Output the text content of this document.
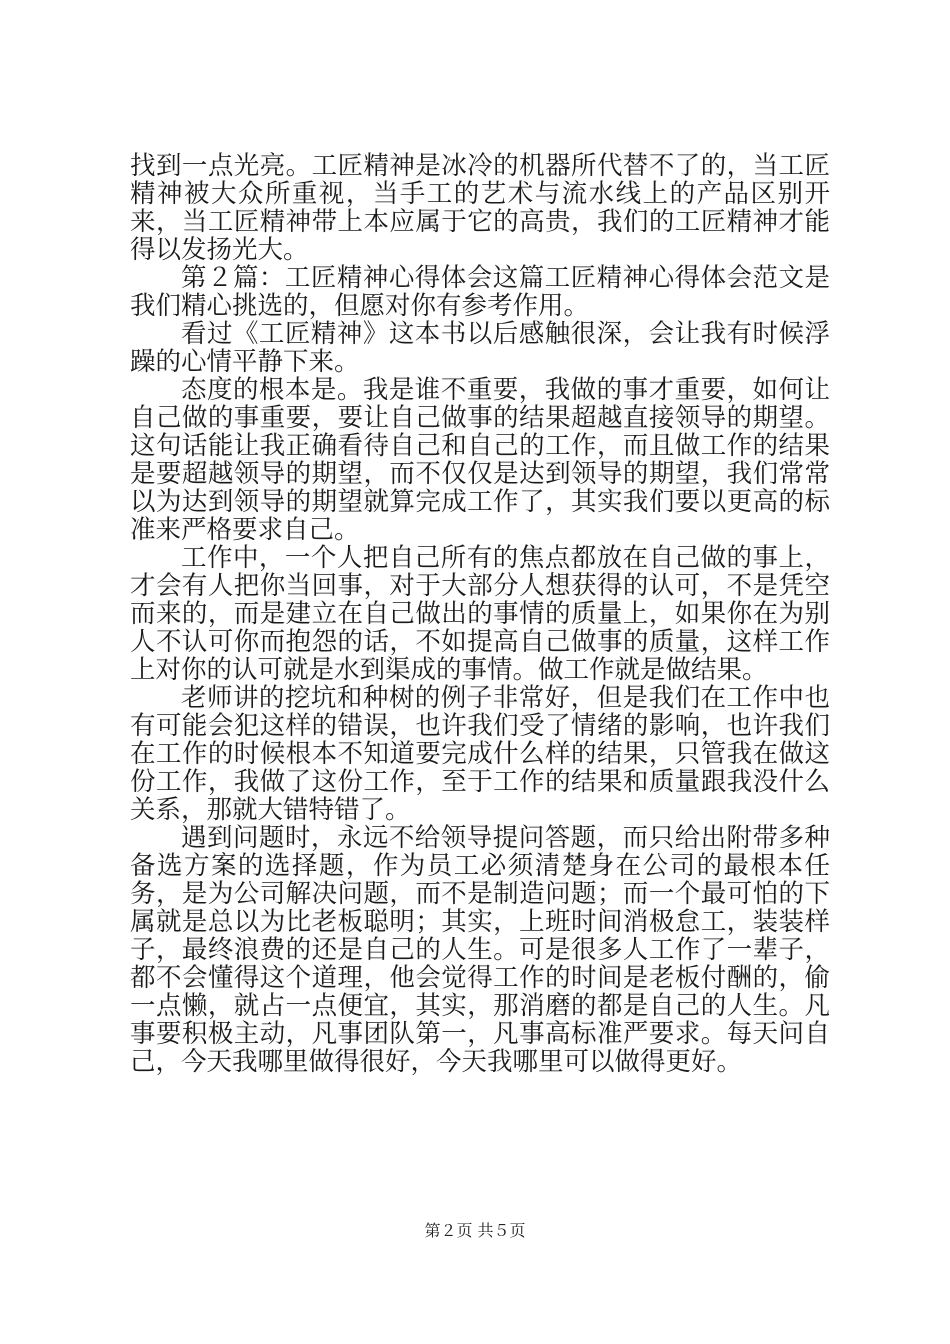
找到一点光亮。工匠精神是冰冷的机器所代替不了的，当工匠精神被大众所重视，当手工的艺术与流水线上的产品区别开来，当工匠精神带上本应属于它的高贵，我们的工匠精神才能得以发扬光大。

第２篇：工匠精神心得体会这篇工匠精神心得体会范文是我们精心挑选的，但愿对你有参考作用。

看过《工匠精神》这本书以后感触很深，会让我有时候浮躁的心情平静下来。

态度的根本是。我是谁不重要，我做的事才重要，如何让自己做的事重要，要让自己做事的结果超越直接领导的期望。这句话能让我正确看待自己和自己的工作，而且做工作的结果是要超越领导的期望，而不仅仅是达到领导的期望，我们常常以为达到领导的期望就算完成工作了，其实我们要以更高的标准来严格要求自己。

工作中，一个人把自己所有的焦点都放在自己做的事上，才会有人把你当回事，对于大部分人想获得的认可，不是凭空而来的，而是建立在自己做出的事情的质量上，如果你在为别人不认可你而抱怨的话，不如提高自己做事的质量，这样工作上对你的认可就是水到渠成的事情。做工作就是做结果。

老师讲的挖坑和种树的例子非常好，但是我们在工作中也有可能会犯这样的错误，也许我们受了情绪的影响，也许我们在工作的时候根本不知道要完成什么样的结果，只管我在做这份工作，我做了这份工作，至于工作的结果和质量跟我没什么关系，那就大错特错了。

遇到问题时，永远不给领导提问答题，而只给出附带多种备选方案的选择题，作为员工必须清楚身在公司的最根本任务，是为公司解决问题，而不是制造问题；而一个最可怕的下属就是总以为比老板聪明；其实，上班时间消极怠工，装装样子，最终浪费的还是自己的人生。可是很多人工作了一辈子，都不会懂得这个道理，他会觉得工作的时间是老板付酬的，偷一点懒，就占一点便宜，其实，那消磨的都是自己的人生。凡事要积极主动，凡事团队第一，凡事高标准严要求。每天问自己，今天我哪里做得很好，今天我哪里可以做得更好。

第２页 共５页
